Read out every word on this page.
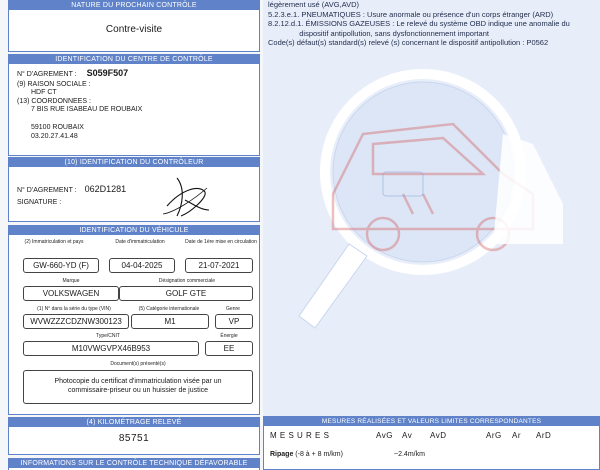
NATURE DU PROCHAIN CONTRÔLE
Contre-visite
IDENTIFICATION DU CENTRE DE CONTRÔLE
N° D'AGREMENT : S059F507
(9) RAISON SOCIALE :
HDF CT
(13) COORDONNEES :
7 BIS RUE ISABEAU DE ROUBAIX
59100 ROUBAIX
03.20.27.41.48
(10) IDENTIFICATION DU CONTRÔLEUR
N° D'AGREMENT : 062D1281
SIGNATURE :
IDENTIFICATION DU VÉHICULE
(2) Immatriculation et pays	Date d'immatriculation	Date de 1ère mise en circulation
GW-660-YD (F)	04-04-2025	21-07-2021
Marque	Désignation commerciale
VOLKSWAGEN	GOLF GTE
(1) N° dans la série du type (VIN)	(5) Catégorie internationale	Genre
WVWZZZCDZNW300123	M1	VP
Type/CNIT	Énergie
M10VWGVPX46B953	EE
Document(s) présenté(s)
Photocopie du certificat d'immatriculation visée par un
commissaire-priseur ou un huissier de justice
(4) KILOMÉTRAGE RELEVÉ
85751
INFORMATIONS SUR LE CONTRÔLE TECHNIQUE DÉFAVORABLE
légèrement usé (AVG,AVD)
5.2.3.e.1. PNEUMATIQUES : Usure anormale ou présence d'un corps étranger (ARD)
8.2.12.d.1. ÉMISSIONS GAZEUSES : Le relevé du système OBD indique une anomalie du
dispositif antipollution, sans dysfonctionnement important
Code(s) défaut(s) standard(s) relevé (s) concernant le dispositif antipollution : P0562
MESURES RÉALISÉES ET VALEURS LIMITES CORRESPONDANTES
M E S U R E S	AvG Av AvD	ArG Ar ArD
Ripage (-8 à + 8 m/km)	~2.4m/km
